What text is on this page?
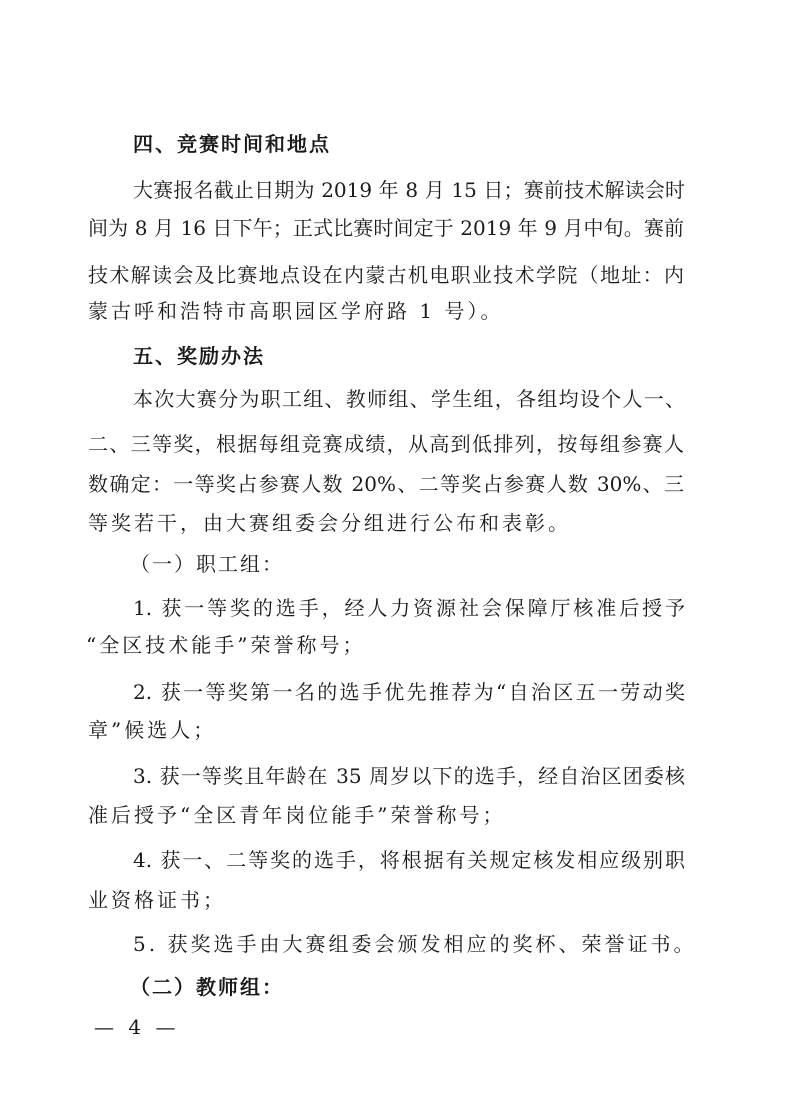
四、竞赛时间和地点
大赛报名截止日期为 2019 年 8 月 15 日；赛前技术解读会时
间为 8 月 16 日下午；正式比赛时间定于 2019 年 9 月中旬。赛前
技术解读会及比赛地点设在内蒙古机电职业技术学院（地址：内
蒙古呼和浩特市高职园区学府路 1 号）。
五、奖励办法
本次大赛分为职工组、教师组、学生组，各组均设个人一、
二、三等奖，根据每组竞赛成绩，从高到低排列，按每组参赛人
数确定：一等奖占参赛人数 20%、二等奖占参赛人数 30%、三
等奖若干，由大赛组委会分组进行公布和表彰。
（一）职工组：
1. 获一等奖的选手，经人力资源社会保障厅核准后授予
“全区技术能手”荣誉称号；
2. 获一等奖第一名的选手优先推荐为“自治区五一劳动奖
章”候选人；
3. 获一等奖且年龄在 35 周岁以下的选手，经自治区团委核
准后授予“全区青年岗位能手”荣誉称号；
4. 获一、二等奖的选手，将根据有关规定核发相应级别职
业资格证书；
5. 获奖选手由大赛组委会颁发相应的奖杯、荣誉证书。
（二）教师组：
— 4 —
